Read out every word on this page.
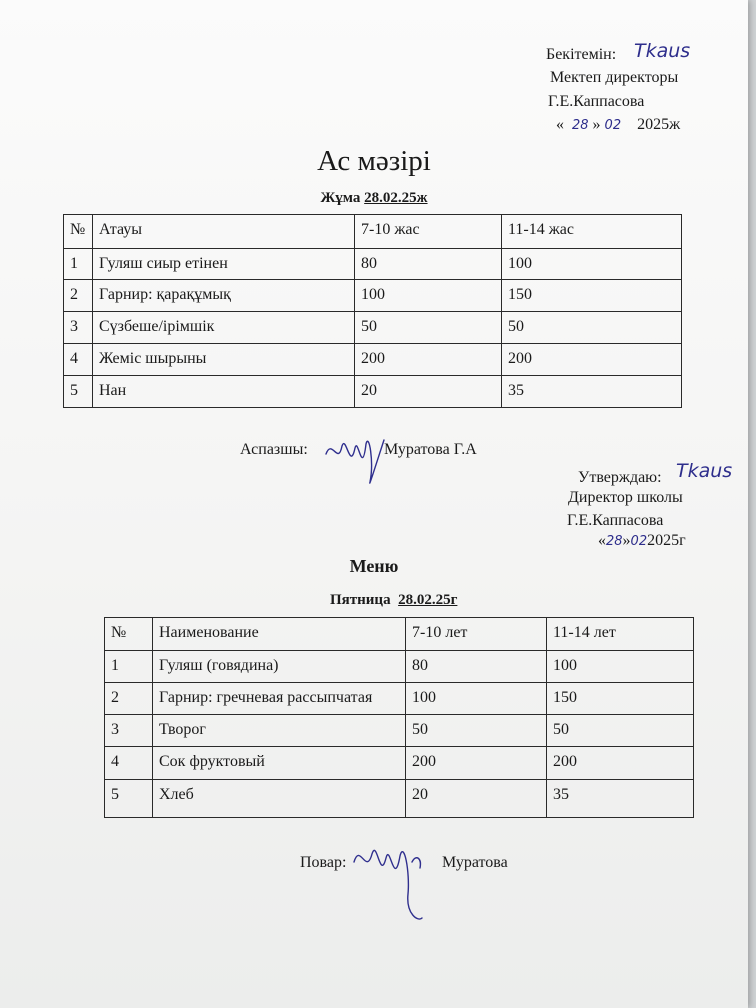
Бекітемін: Tkaus
Мектеп директоры
Г.Е.Каппасова
« 28 » 02 2025ж
Ас мәзірі
Жұма 28.02.25ж
№	Атауы	7-10 жас	11-14 жас
1	Гуляш сиыр етінен	80	100
2	Гарнир: қарақұмық	100	150
3	Сүзбеше/ірімшік	50	50
4	Жеміс шырыны	200	200
5	Нан	20	35
Аспазшы:	Муратова Г.А
Утверждаю: Tkaus
Директор школы
Г.Е.Каппасова
«28»022025г
Меню
Пятница 28.02.25г
№	Наименование	7-10 лет	11-14 лет
1	Гуляш (говядина)	80	100
2	Гарнир: гречневая рассыпчатая	100	150
3	Творог	50	50
4	Сок фруктовый	200	200
5	Хлеб	20	35
Повар:	Муратова
